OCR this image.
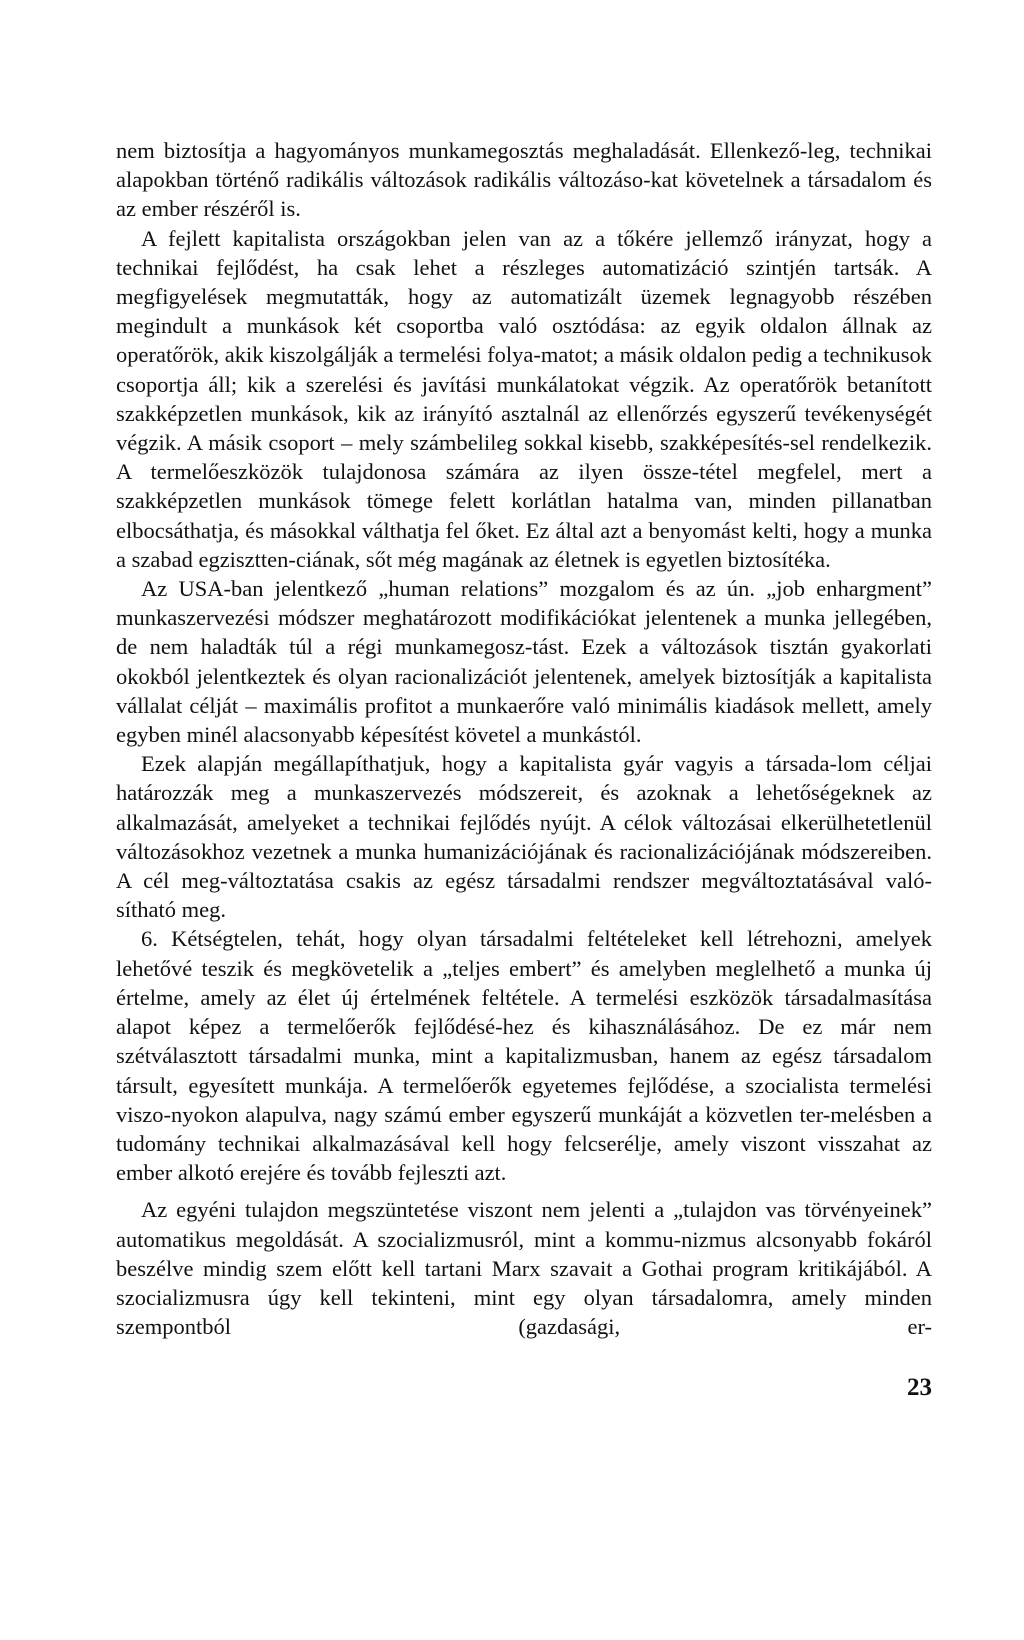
nem biztosítja a hagyományos munkamegosztás meghaladását. Ellenkező-leg, technikai alapokban történő radikális változások radikális változáso-kat követelnek a társadalom és az ember részéről is.

A fejlett kapitalista országokban jelen van az a tőkére jellemző irányzat, hogy a technikai fejlődést, ha csak lehet a részleges automatizáció szintjén tartsák. A megfigyelések megmutatták, hogy az automatizált üzemek legnagyobb részében megindult a munkások két csoportba való osztódása: az egyik oldalon állnak az operatőrök, akik kiszolgálják a termelési folya-matot; a másik oldalon pedig a technikusok csoportja áll; kik a szerelési és javítási munkálatokat végzik. Az operatőrök betanított szakképzetlen munkások, kik az irányító asztalnál az ellenőrzés egyszerű tevékenységét végzik. A másik csoport – mely számbelileg sokkal kisebb, szakképesítés-sel rendelkezik. A termelőeszközök tulajdonosa számára az ilyen össze-tétel megfelel, mert a szakképzetlen munkások tömege felett korlátlan hatalma van, minden pillanatban elbocsáthatja, és másokkal válthatja fel őket. Ez által azt a benyomást kelti, hogy a munka a szabad egzisztten-ciának, sőt még magának az életnek is egyetlen biztosítéka.

Az USA-ban jelentkező „human relations” mozgalom és az ún. „job enhargment” munkaszervezési módszer meghatározott modifikációkat jelentenek a munka jellegében, de nem haladták túl a régi munkamegosz-tást. Ezek a változások tisztán gyakorlati okokból jelentkeztek és olyan racionalizációt jelentenek, amelyek biztosítják a kapitalista vállalat célját – maximális profitot a munkaerőre való minimális kiadások mellett, amely egyben minél alacsonyabb képesítést követel a munkástól.

Ezek alapján megállapíthatjuk, hogy a kapitalista gyár vagyis a társada-lom céljai határozzák meg a munkaszervezés módszereit, és azoknak a lehetőségeknek az alkalmazását, amelyeket a technikai fejlődés nyújt. A célok változásai elkerülhetetlenül változásokhoz vezetnek a munka humanizációjának és racionalizációjának módszereiben. A cél meg-változtatása csakis az egész társadalmi rendszer megváltoztatásával való-sítható meg.

6. Kétségtelen, tehát, hogy olyan társadalmi feltételeket kell létrehozni, amelyek lehetővé teszik és megkövetelik a „teljes embert” és amelyben meglelhető a munka új értelme, amely az élet új értelmének feltétele. A termelési eszközök társadalmasítása alapot képez a termelőerők fejlődésé-hez és kihasználásához. De ez már nem szétválasztott társadalmi munka, mint a kapitalizmusban, hanem az egész társadalom társult, egyesített munkája. A termelőerők egyetemes fejlődése, a szocialista termelési viszo-nyokon alapulva, nagy számú ember egyszerű munkáját a közvetlen ter-melésben a tudomány technikai alkalmazásával kell hogy felcserélje, amely viszont visszahat az ember alkotó erejére és tovább fejleszti azt.

Az egyéni tulajdon megszüntetése viszont nem jelenti a „tulajdon vas törvényeinek” automatikus megoldását. A szocializmusról, mint a kommu-nizmus alcsonyabb fokáról beszélve mindig szem előtt kell tartani Marx szavait a Gothai program kritikájából. A szocializmusra úgy kell tekinteni, mint egy olyan társadalomra, amely minden szempontból (gazdasági, er-

23
